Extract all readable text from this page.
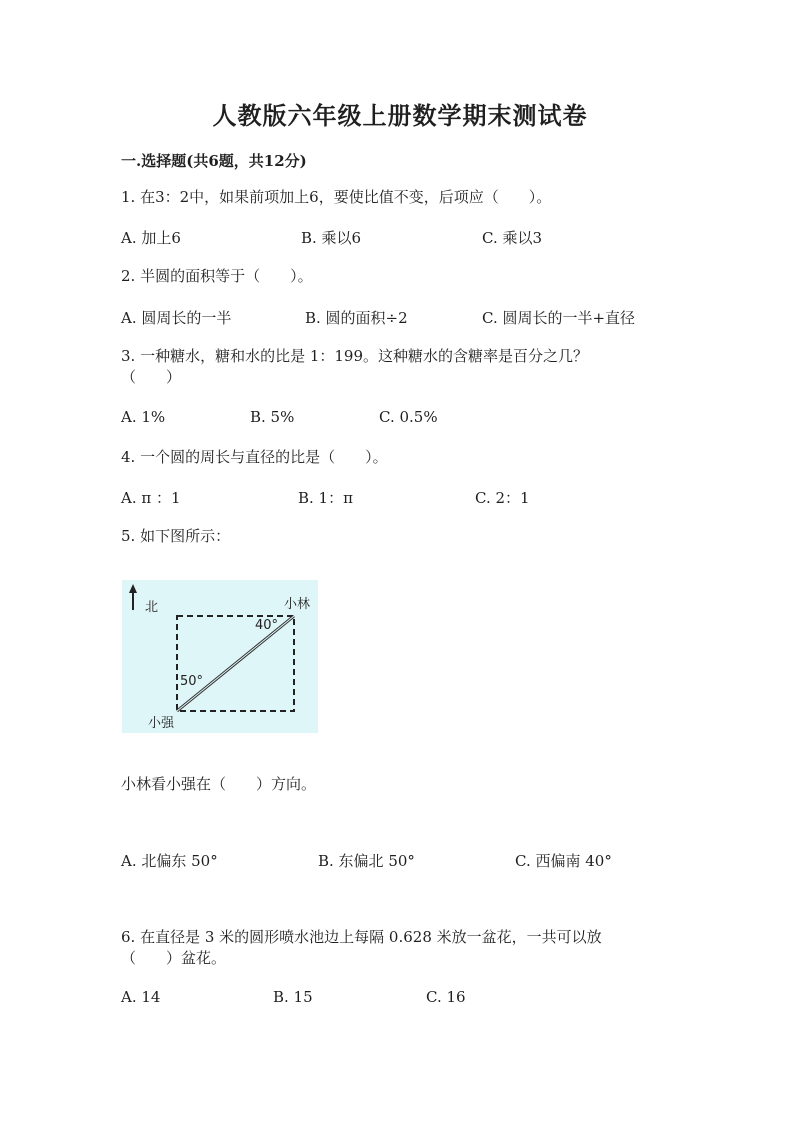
人教版六年级上册数学期末测试卷
一.选择题(共6题，共12分)
1. 在3：2中，如果前项加上6，要使比值不变，后项应（　　）。
A. 加上6	B. 乘以6	C. 乘以3
2. 半圆的面积等于（　　）。
A. 圆周长的一半	B. 圆的面积÷2	C. 圆周长的一半+直径
3. 一种糖水，糖和水的比是 1：199。这种糖水的含糖率是百分之几？
（　　）
A. 1%	B. 5%	C. 0.5%
4. 一个圆的周长与直径的比是（　　）。
A. π ：1	B. 1：π	C. 2：1
5. 如下图所示：
北	小林
40°
50°
小强
小林看小强在（　　）方向。
A. 北偏东 50°	B. 东偏北 50°	C. 西偏南 40°
6. 在直径是 3 米的圆形喷水池边上每隔 0.628 米放一盆花，一共可以放
（　　）盆花。
A. 14	B. 15	C. 16
